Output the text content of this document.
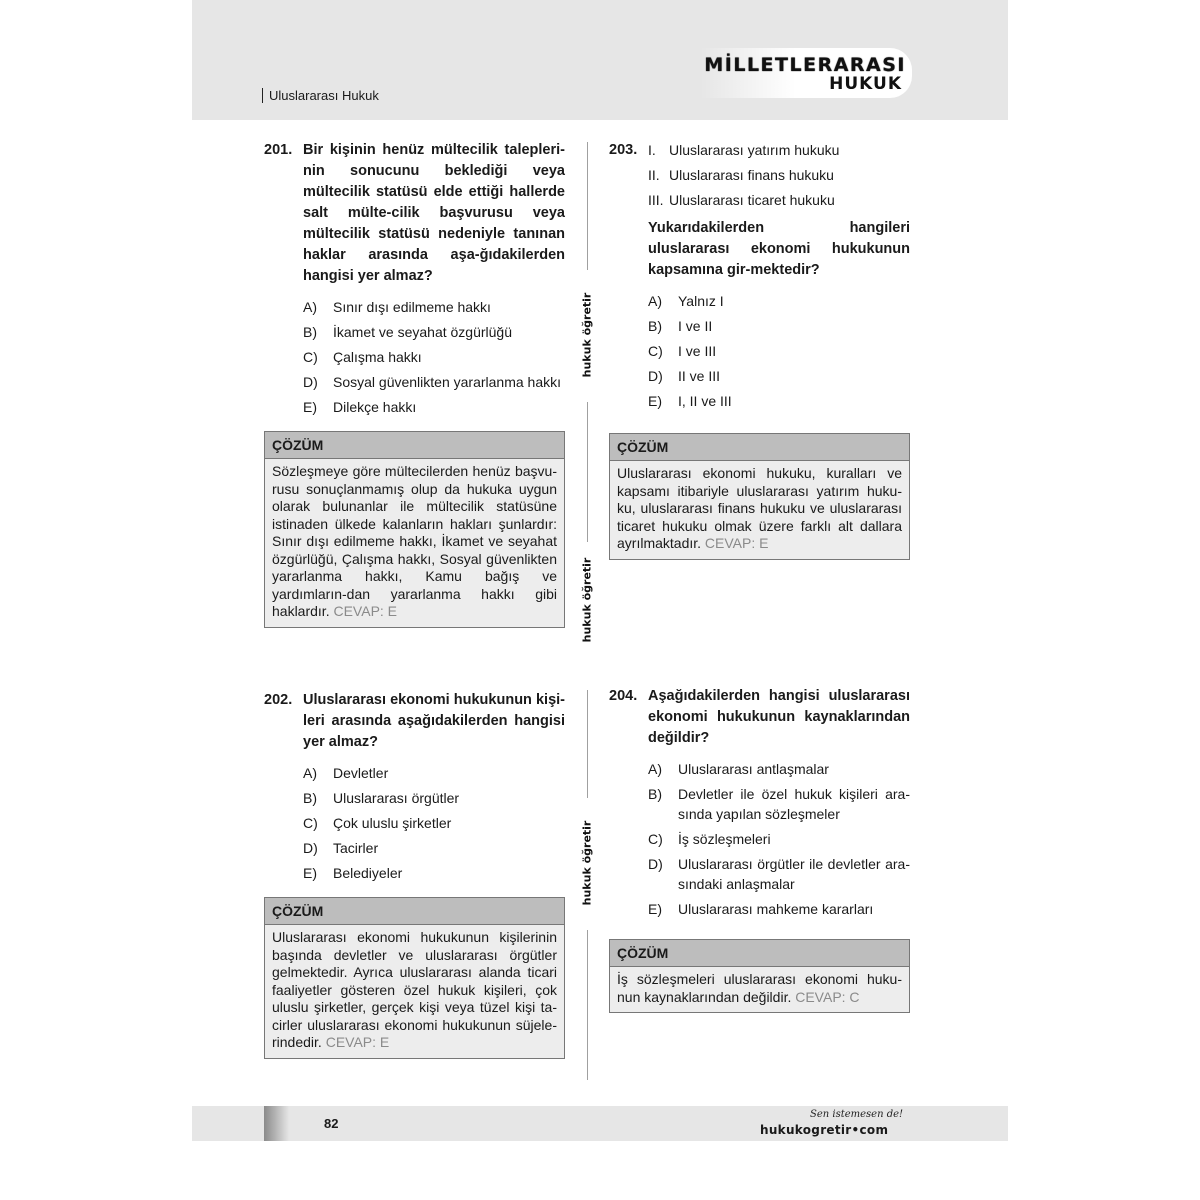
Uluslararası Hukuk
MİLLETLERARASI
HUKUK
hukuk öğretir
hukuk öğretir
hukuk öğretir
201. Bir kişinin henüz mültecilik talepleri-nin sonucunu beklediği veya mültecilik statüsü elde ettiği hallerde salt mülte-cilik başvurusu veya mültecilik statüsü nedeniyle tanınan haklar arasında aşa-ğıdakilerden hangisi yer almaz?
A)	Sınır dışı edilmeme hakkı
B)	İkamet ve seyahat özgürlüğü
C)	Çalışma hakkı
D)	Sosyal güvenlikten yararlanma hakkı
E)	Dilekçe hakkı
ÇÖZÜM
Sözleşmeye göre mültecilerden henüz başvu-rusu sonuçlanmamış olup da hukuka uygun olarak bulunanlar ile mültecilik statüsüne istinaden ülkede kalanların hakları şunlardır: Sınır dışı edilmeme hakkı, İkamet ve seyahat özgürlüğü, Çalışma hakkı, Sosyal güvenlikten yararlanma hakkı, Kamu bağış ve yardımların-dan yararlanma hakkı gibi haklardır. CEVAP: E
202. Uluslararası ekonomi hukukunun kişi-leri arasında aşağıdakilerden hangisi yer almaz?
A)	Devletler
B)	Uluslararası örgütler
C)	Çok uluslu şirketler
D)	Tacirler
E)	Belediyeler
ÇÖZÜM
Uluslararası ekonomi hukukunun kişilerinin başında devletler ve uluslararası örgütler gelmektedir. Ayrıca uluslararası alanda ticari faaliyetler gösteren özel hukuk kişileri, çok uluslu şirketler, gerçek kişi veya tüzel kişi ta-cirler uluslararası ekonomi hukukunun süjele-rindedir. CEVAP: E
203. I. Uluslararası yatırım hukuku
II. Uluslararası finans hukuku
III. Uluslararası ticaret hukuku
Yukarıdakilerden hangileri uluslararası ekonomi hukukunun kapsamına gir-mektedir?
A)	Yalnız I
B)	I ve II
C)	I ve III
D)	II ve III
E)	I, II ve III
ÇÖZÜM
Uluslararası ekonomi hukuku, kuralları ve kapsamı itibariyle uluslararası yatırım huku-ku, uluslararası finans hukuku ve uluslararası ticaret hukuku olmak üzere farklı alt dallara ayrılmaktadır. CEVAP: E
204. Aşağıdakilerden hangisi uluslararası ekonomi hukukunun kaynaklarından değildir?
A)	Uluslararası antlaşmalar
B)	Devletler ile özel hukuk kişileri ara-sında yapılan sözleşmeler
C)	İş sözleşmeleri
D)	Uluslararası örgütler ile devletler ara-sındaki anlaşmalar
E)	Uluslararası mahkeme kararları
ÇÖZÜM
İş sözleşmeleri uluslararası ekonomi huku-nun kaynaklarından değildir. CEVAP: C
82
Sen istemesen de!
hukukogretir•com
